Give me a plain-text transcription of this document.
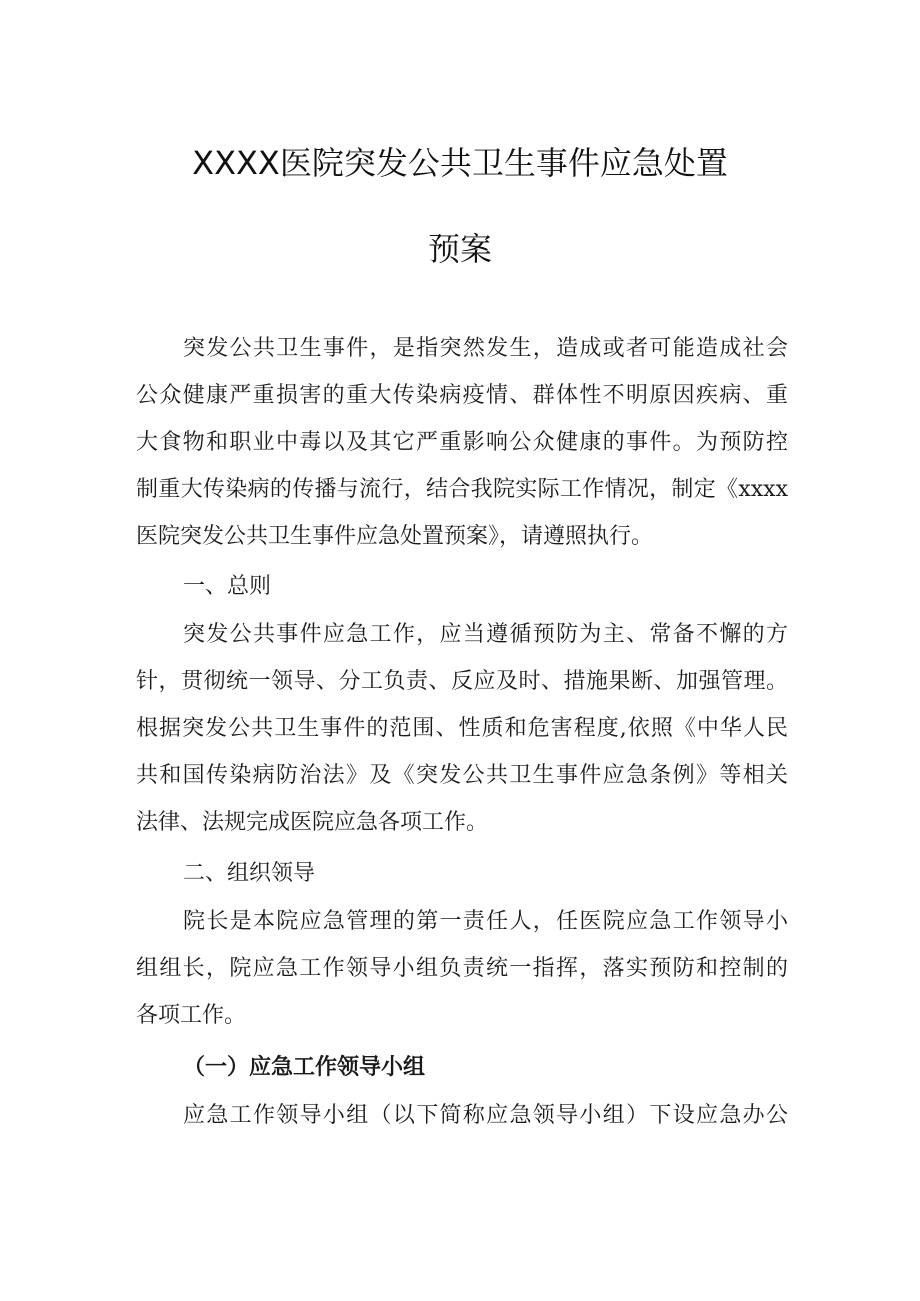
XXXX医院突发公共卫生事件应急处置
预案
突发公共卫生事件，是指突然发生，造成或者可能造成社会
公众健康严重损害的重大传染病疫情、群体性不明原因疾病、重
大食物和职业中毒以及其它严重影响公众健康的事件。为预防控
制重大传染病的传播与流行，结合我院实际工作情况，制定《xxxx
医院突发公共卫生事件应急处置预案》，请遵照执行。
一、总则
突发公共事件应急工作，应当遵循预防为主、常备不懈的方
针，贯彻统一领导、分工负责、反应及时、措施果断、加强管理。
根据突发公共卫生事件的范围、性质和危害程度,依照《中华人民
共和国传染病防治法》及《突发公共卫生事件应急条例》等相关
法律、法规完成医院应急各项工作。
二、组织领导
院长是本院应急管理的第一责任人，任医院应急工作领导小
组组长，院应急工作领导小组负责统一指挥，落实预防和控制的
各项工作。
（一）应急工作领导小组
应急工作领导小组（以下简称应急领导小组）下设应急办公
